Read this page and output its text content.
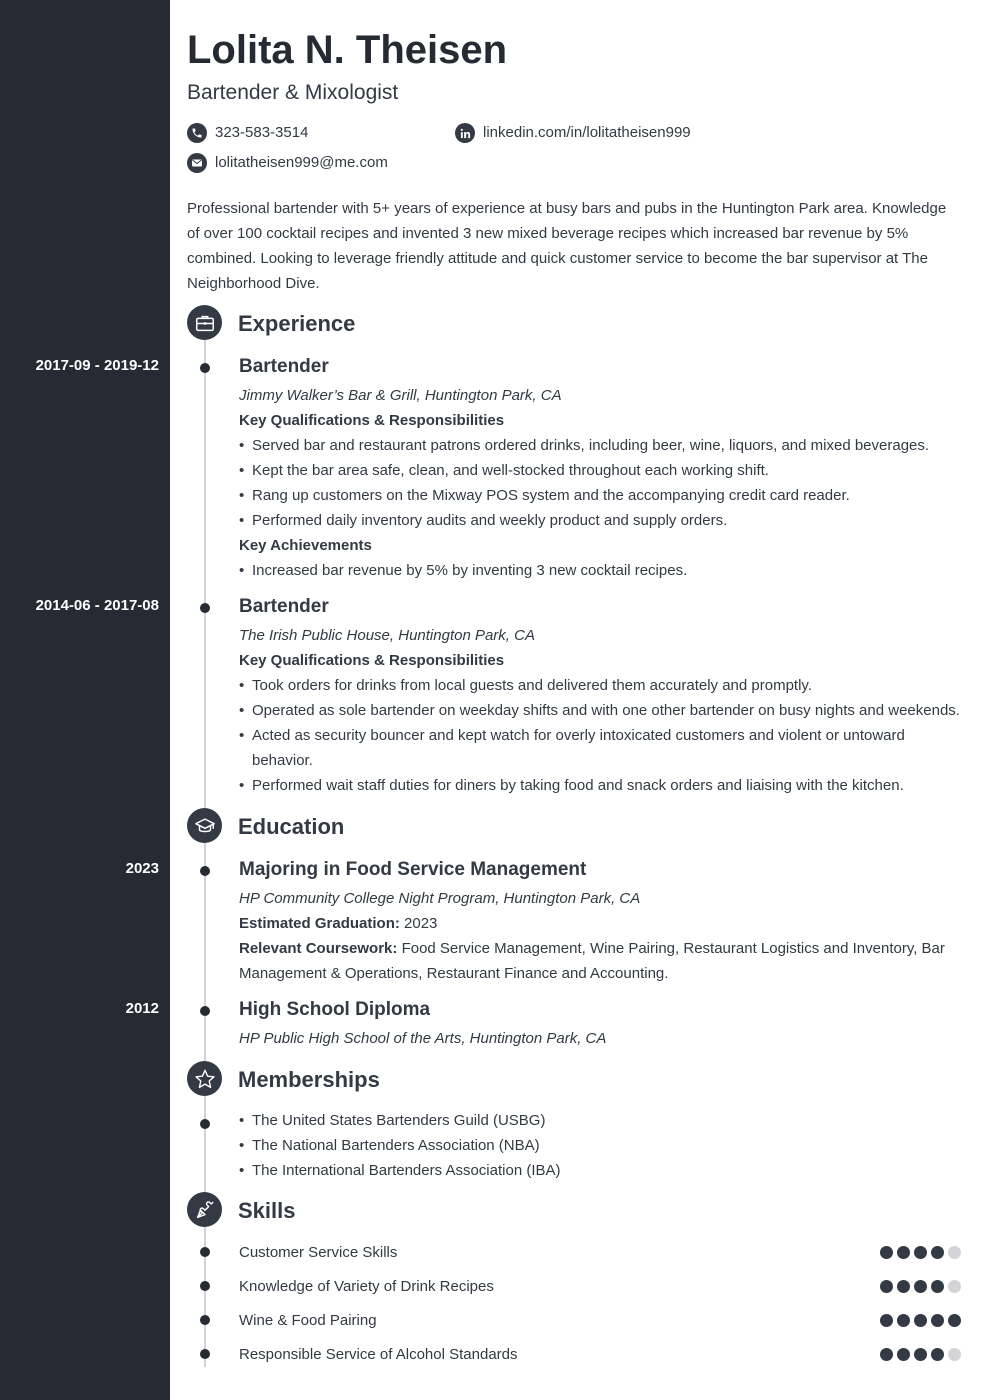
2017-09 - 2019-12
2014-06 - 2017-08
2023
2012
Lolita N. Theisen
Bartender & Mixologist
323-583-3514
lolitatheisen999@me.com
linkedin.com/in/lolitatheisen999

Professional bartender with 5+ years of experience at busy bars and pubs in the Huntington Park area. Knowledge of over 100 cocktail recipes and invented 3 new mixed beverage recipes which increased bar revenue by 5% combined. Looking to leverage friendly attitude and quick customer service to become the bar supervisor at The Neighborhood Dive.

Experience
Bartender
Jimmy Walker’s Bar & Grill, Huntington Park, CA
Key Qualifications & Responsibilities
• Served bar and restaurant patrons ordered drinks, including beer, wine, liquors, and mixed beverages.
• Kept the bar area safe, clean, and well-stocked throughout each working shift.
• Rang up customers on the Mixway POS system and the accompanying credit card reader.
• Performed daily inventory audits and weekly product and supply orders.
Key Achievements
• Increased bar revenue by 5% by inventing 3 new cocktail recipes.
Bartender
The Irish Public House, Huntington Park, CA
Key Qualifications & Responsibilities
• Took orders for drinks from local guests and delivered them accurately and promptly.
• Operated as sole bartender on weekday shifts and with one other bartender on busy nights and weekends.
• Acted as security bouncer and kept watch for overly intoxicated customers and violent or untoward behavior.
• Performed wait staff duties for diners by taking food and snack orders and liaising with the kitchen.
Education
Majoring in Food Service Management
HP Community College Night Program, Huntington Park, CA

Estimated Graduation: 2023

Relevant Coursework: Food Service Management, Wine Pairing, Restaurant Logistics and Inventory, Bar Management & Operations, Restaurant Finance and Accounting.

High School Diploma
HP Public High School of the Arts, Huntington Park, CA
Memberships
• The United States Bartenders Guild (USBG)
• The National Bartenders Association (NBA)
• The International Bartenders Association (IBA)
Skills
Customer Service Skills
Knowledge of Variety of Drink Recipes
Wine & Food Pairing
Responsible Service of Alcohol Standards
